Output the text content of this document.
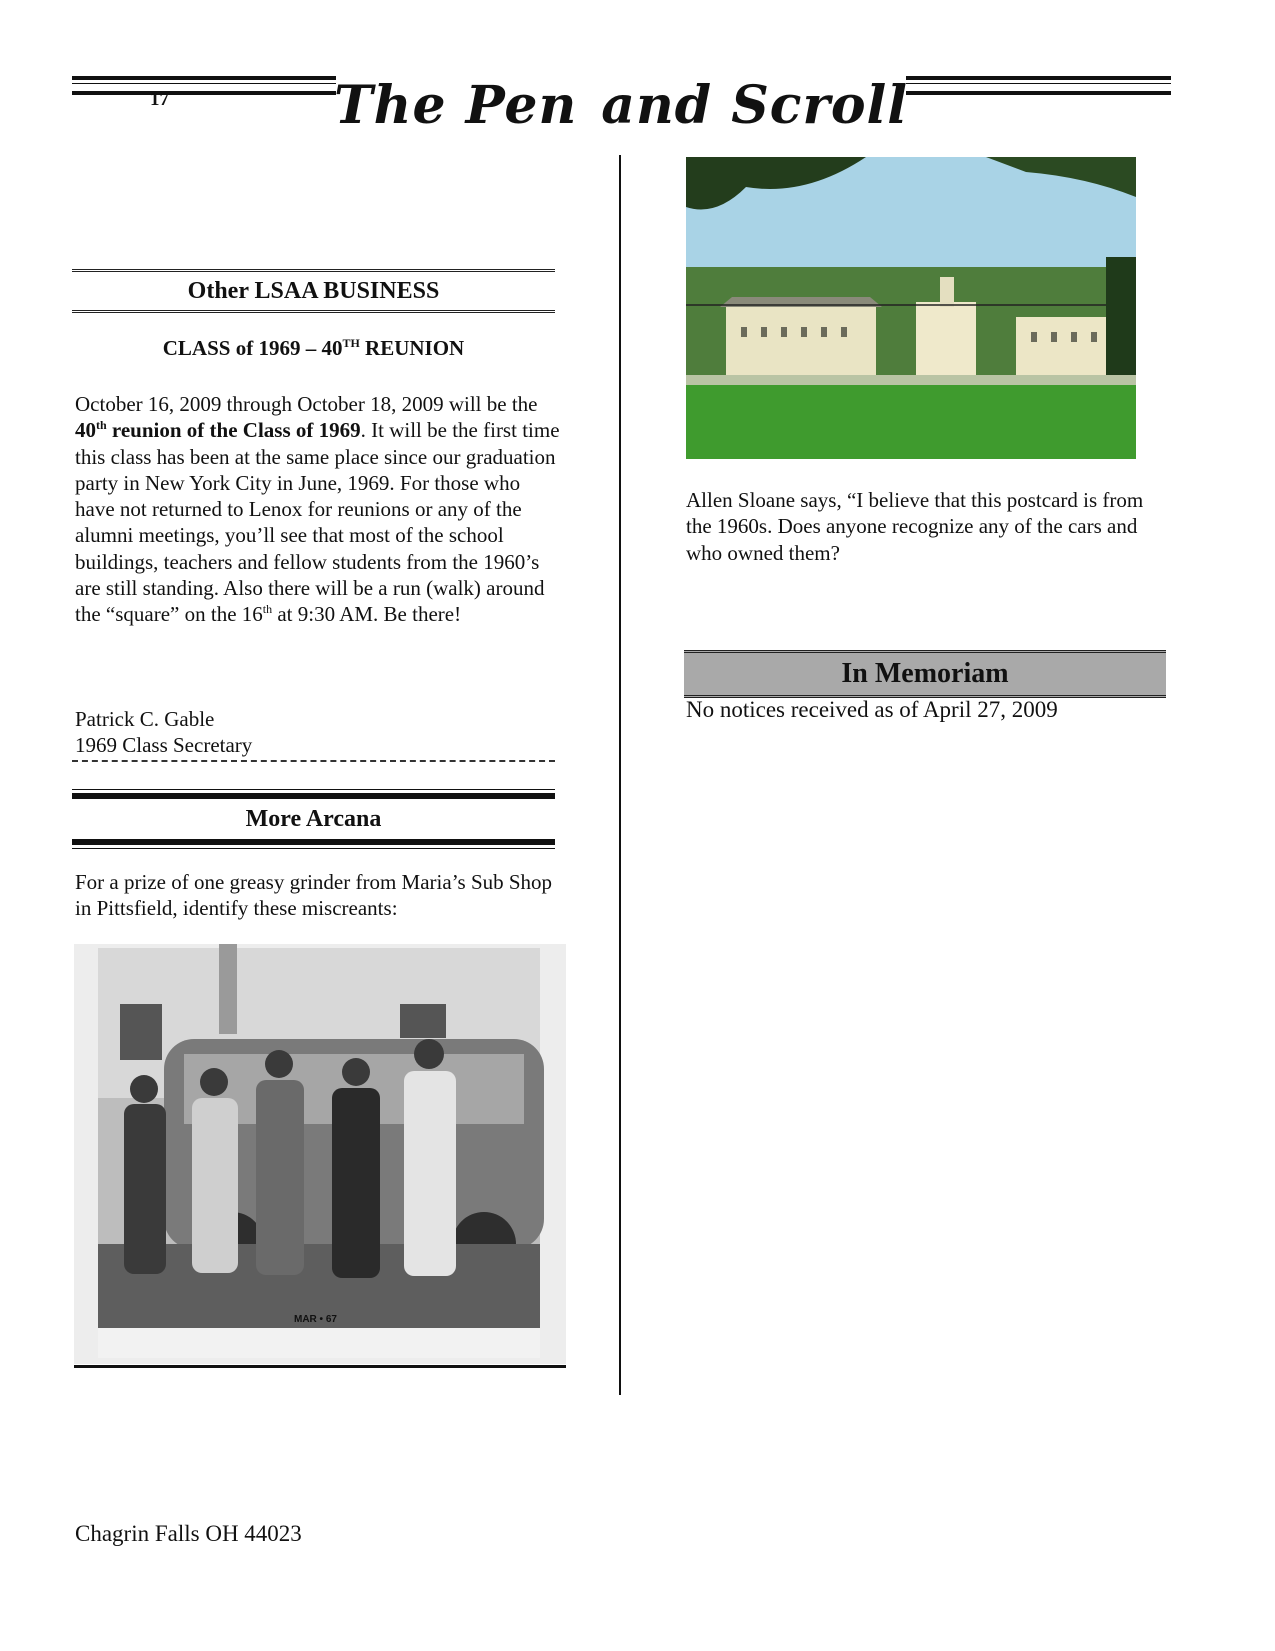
17	The Pen and Scroll
Other LSAA BUSINESS
CLASS of 1969 – 40TH REUNION
October 16, 2009 through October 18, 2009 will be the 40th reunion of the Class of 1969. It will be the first time this class has been at the same place since our graduation party in New York City in June, 1969. For those who have not returned to Lenox for reunions or any of the alumni meetings, you’ll see that most of the school buildings, teachers and fellow students from the 1960’s are still standing. Also there will be a run (walk) around the “square” on the 16th at 9:30 AM. Be there!
Patrick C. Gable
1969 Class Secretary
More Arcana
For a prize of one greasy grinder from Maria’s Sub Shop in Pittsfield, identify these miscreants:
MAR • 67
Allen Sloane says, “I believe that this postcard is from the 1960s. Does anyone recognize any of the cars and who owned them?
In Memoriam
No notices received as of April 27, 2009
Chagrin Falls OH 44023
